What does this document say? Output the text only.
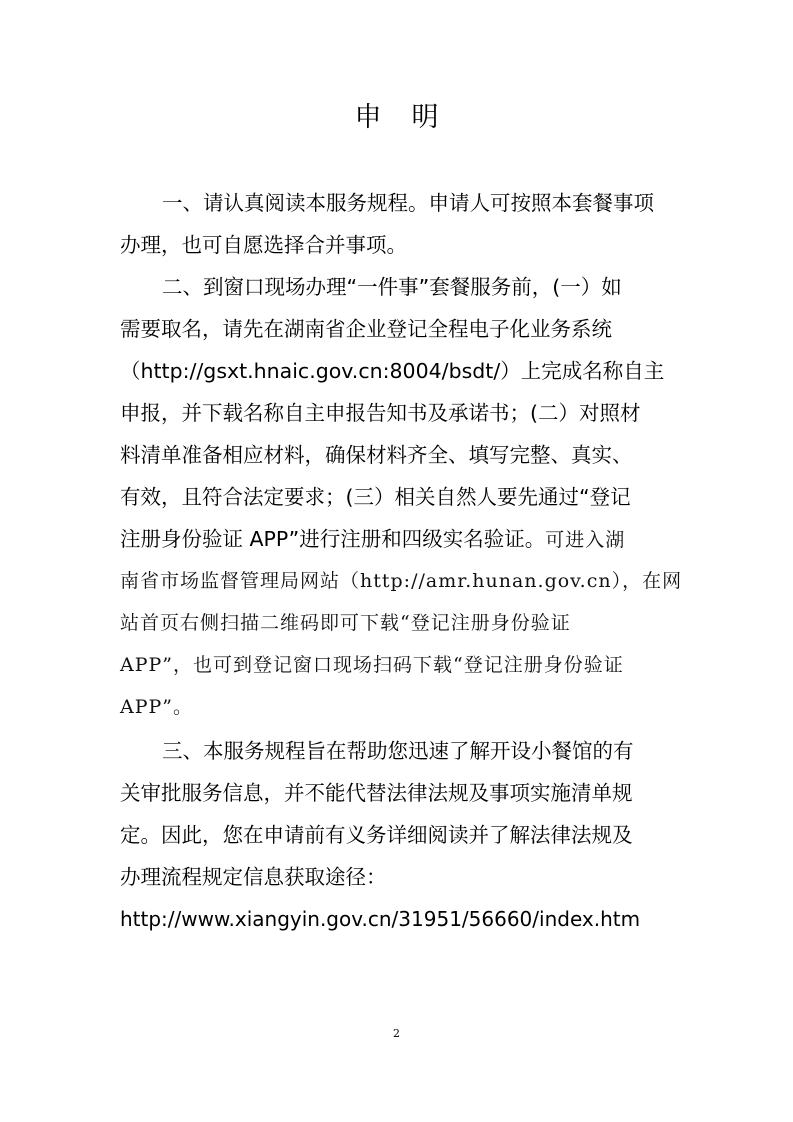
申 明
一、请认真阅读本服务规程。申请人可按照本套餐事项
办理，也可自愿选择合并事项。
二、到窗口现场办理“一件事”套餐服务前，(一）如
需要取名，请先在湖南省企业登记全程电子化业务系统
（http://gsxt.hnaic.gov.cn:8004/bsdt/）上完成名称自主
申报，并下载名称自主申报告知书及承诺书；(二）对照材
料清单准备相应材料，确保材料齐全、填写完整、真实、
有效，且符合法定要求；(三）相关自然人要先通过“登记
注册身份验证 APP”进行注册和四级实名验证。可进入湖
南省市场监督管理局网站（http://amr.hunan.gov.cn），在网
站首页右侧扫描二维码即可下载“登记注册身份验证
APP”，也可到登记窗口现场扫码下载“登记注册身份验证
APP”。
三、本服务规程旨在帮助您迅速了解开设小餐馆的有
关审批服务信息，并不能代替法律法规及事项实施清单规
定。因此，您在申请前有义务详细阅读并了解法律法规及
办理流程规定信息获取途径：
http://www.xiangyin.gov.cn/31951/56660/index.htm
2
